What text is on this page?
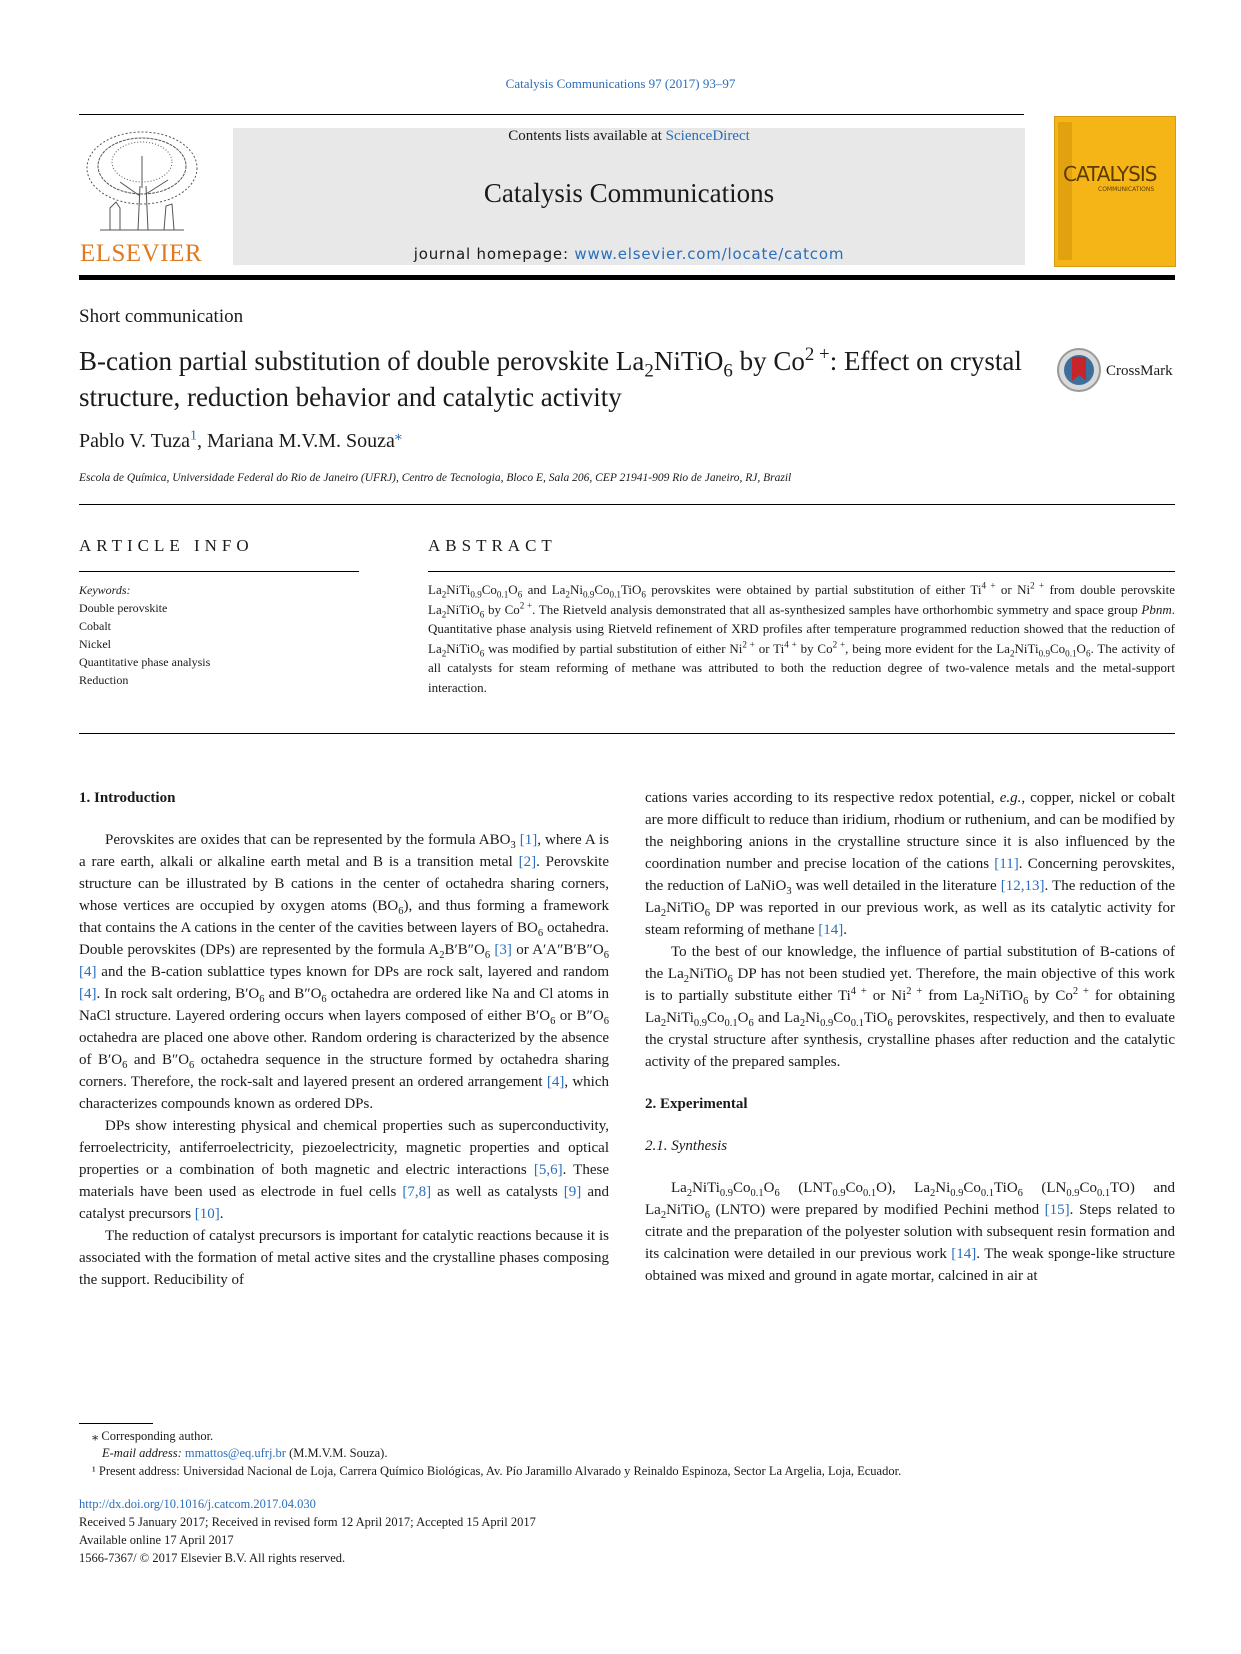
Catalysis Communications 97 (2017) 93–97
ELSEVIER
Contents lists available at ScienceDirect
Catalysis Communications
journal homepage: www.elsevier.com/locate/catcom
CATALYSIS
COMMUNICATIONS
Short communication
B-cation partial substitution of double perovskite $La_2NiTiO_6$ by $Co^{2 +}$: Effect on crystal structure, reduction behavior and catalytic activity
CrossMark
Pablo V. Tuza$^1$, Mariana M.V.M. Souza⁎
Escola de Química, Universidade Federal do Rio de Janeiro (UFRJ), Centro de Tecnologia, Bloco E, Sala 206, CEP 21941-909 Rio de Janeiro, RJ, Brazil
ARTICLE INFO	ABSTRACT
Keywords:
Double perovskite
Cobalt
Nickel
Quantitative phase analysis
Reduction
$La_2NiTi_{0.9}Co_{0.1}O_6$ and $La_2Ni_{0.9}Co_{0.1}TiO_6$ perovskites were obtained by partial substitution of either $Ti^{4 +}$ or $Ni^{2 +}$ from double perovskite $La_2NiTiO_6$ by $Co^{2 +}$. The Rietveld analysis demonstrated that all as-synthesized samples have orthorhombic symmetry and space group Pbnm. Quantitative phase analysis using Rietveld refinement of XRD profiles after temperature programmed reduction showed that the reduction of $La_2NiTiO_6$ was modified by partial substitution of either $Ni^{2 +}$ or $Ti^{4 +}$ by $Co^{2 +}$, being more evident for the $La_2NiTi_{0.9}Co_{0.1}O_6$. The activity of all catalysts for steam reforming of methane was attributed to both the reduction degree of two-valence metals and the metal-support interaction.
1. Introduction

Perovskites are oxides that can be represented by the formula $ABO_3$ [1], where A is a rare earth, alkali or alkaline earth metal and B is a transition metal [2]. Perovskite structure can be illustrated by B cations in the center of octahedra sharing corners, whose vertices are occupied by oxygen atoms $(BO_6)$, and thus forming a framework that contains the A cations in the center of the cavities between layers of $BO_6$ octahedra. Double perovskites (DPs) are represented by the formula $A_2B'B''O_6$ [3] or $A'A''B'B''O_6$ [4] and the B-cation sublattice types known for DPs are rock salt, layered and random [4]. In rock salt ordering, $B'O_6$ and $B''O_6$ octahedra are ordered like Na and Cl atoms in NaCl structure. Layered ordering occurs when layers composed of either $B'O_6$ or $B''O_6$ octahedra are placed one above other. Random ordering is characterized by the absence of $B'O_6$ and $B''O_6$ octahedra sequence in the structure formed by octahedra sharing corners. Therefore, the rock-salt and layered present an ordered arrangement [4], which characterizes compounds known as ordered DPs.

DPs show interesting physical and chemical properties such as superconductivity, ferroelectricity, antiferroelectricity, piezoelectricity, magnetic properties and optical properties or a combination of both magnetic and electric interactions [5,6]. These materials have been used as electrode in fuel cells [7,8] as well as catalysts [9] and catalyst precursors [10].

The reduction of catalyst precursors is important for catalytic reactions because it is associated with the formation of metal active sites and the crystalline phases composing the support. Reducibility of

cations varies according to its respective redox potential, e.g., copper, nickel or cobalt are more difficult to reduce than iridium, rhodium or ruthenium, and can be modified by the neighboring anions in the crystalline structure since it is also influenced by the coordination number and precise location of the cations [11]. Concerning perovskites, the reduction of LaNiO$_3$ was well detailed in the literature [12,13]. The reduction of the $La_2NiTiO_6$ DP was reported in our previous work, as well as its catalytic activity for steam reforming of methane [14].

To the best of our knowledge, the influence of partial substitution of B-cations of the $La_2NiTiO_6$ DP has not been studied yet. Therefore, the main objective of this work is to partially substitute either $Ti^{4 +}$ or $Ni^{2 +}$ from $La_2NiTiO_6$ by $Co^{2 +}$ for obtaining $La_2NiTi_{0.9}Co_{0.1}O_6$ and $La_2Ni_{0.9}Co_{0.1}TiO_6$ perovskites, respectively, and then to evaluate the crystal structure after synthesis, crystalline phases after reduction and the catalytic activity of the prepared samples.

2. Experimental
2.1. Synthesis

$La_2NiTi_{0.9}Co_{0.1}O_6$ $(LNT_{0.9}Co_{0.1}O)$, $La_2Ni_{0.9}Co_{0.1}TiO_6$ $(LN_{0.9}Co_{0.1}TO)$ and $La_2NiTiO_6$ (LNTO) were prepared by modified Pechini method [15]. Steps related to citrate and the preparation of the polyester solution with subsequent resin formation and its calcination were detailed in our previous work [14]. The weak sponge-like structure obtained was mixed and ground in agate mortar, calcined in air at

⁎ Corresponding author.
E-mail address: mmattos@eq.ufrj.br (M.M.V.M. Souza).
¹ Present address: Universidad Nacional de Loja, Carrera Químico Biológicas, Av. Pío Jaramillo Alvarado y Reinaldo Espinoza, Sector La Argelia, Loja, Ecuador.
http://dx.doi.org/10.1016/j.catcom.2017.04.030
Received 5 January 2017; Received in revised form 12 April 2017; Accepted 15 April 2017
Available online 17 April 2017
1566-7367/ © 2017 Elsevier B.V. All rights reserved.
